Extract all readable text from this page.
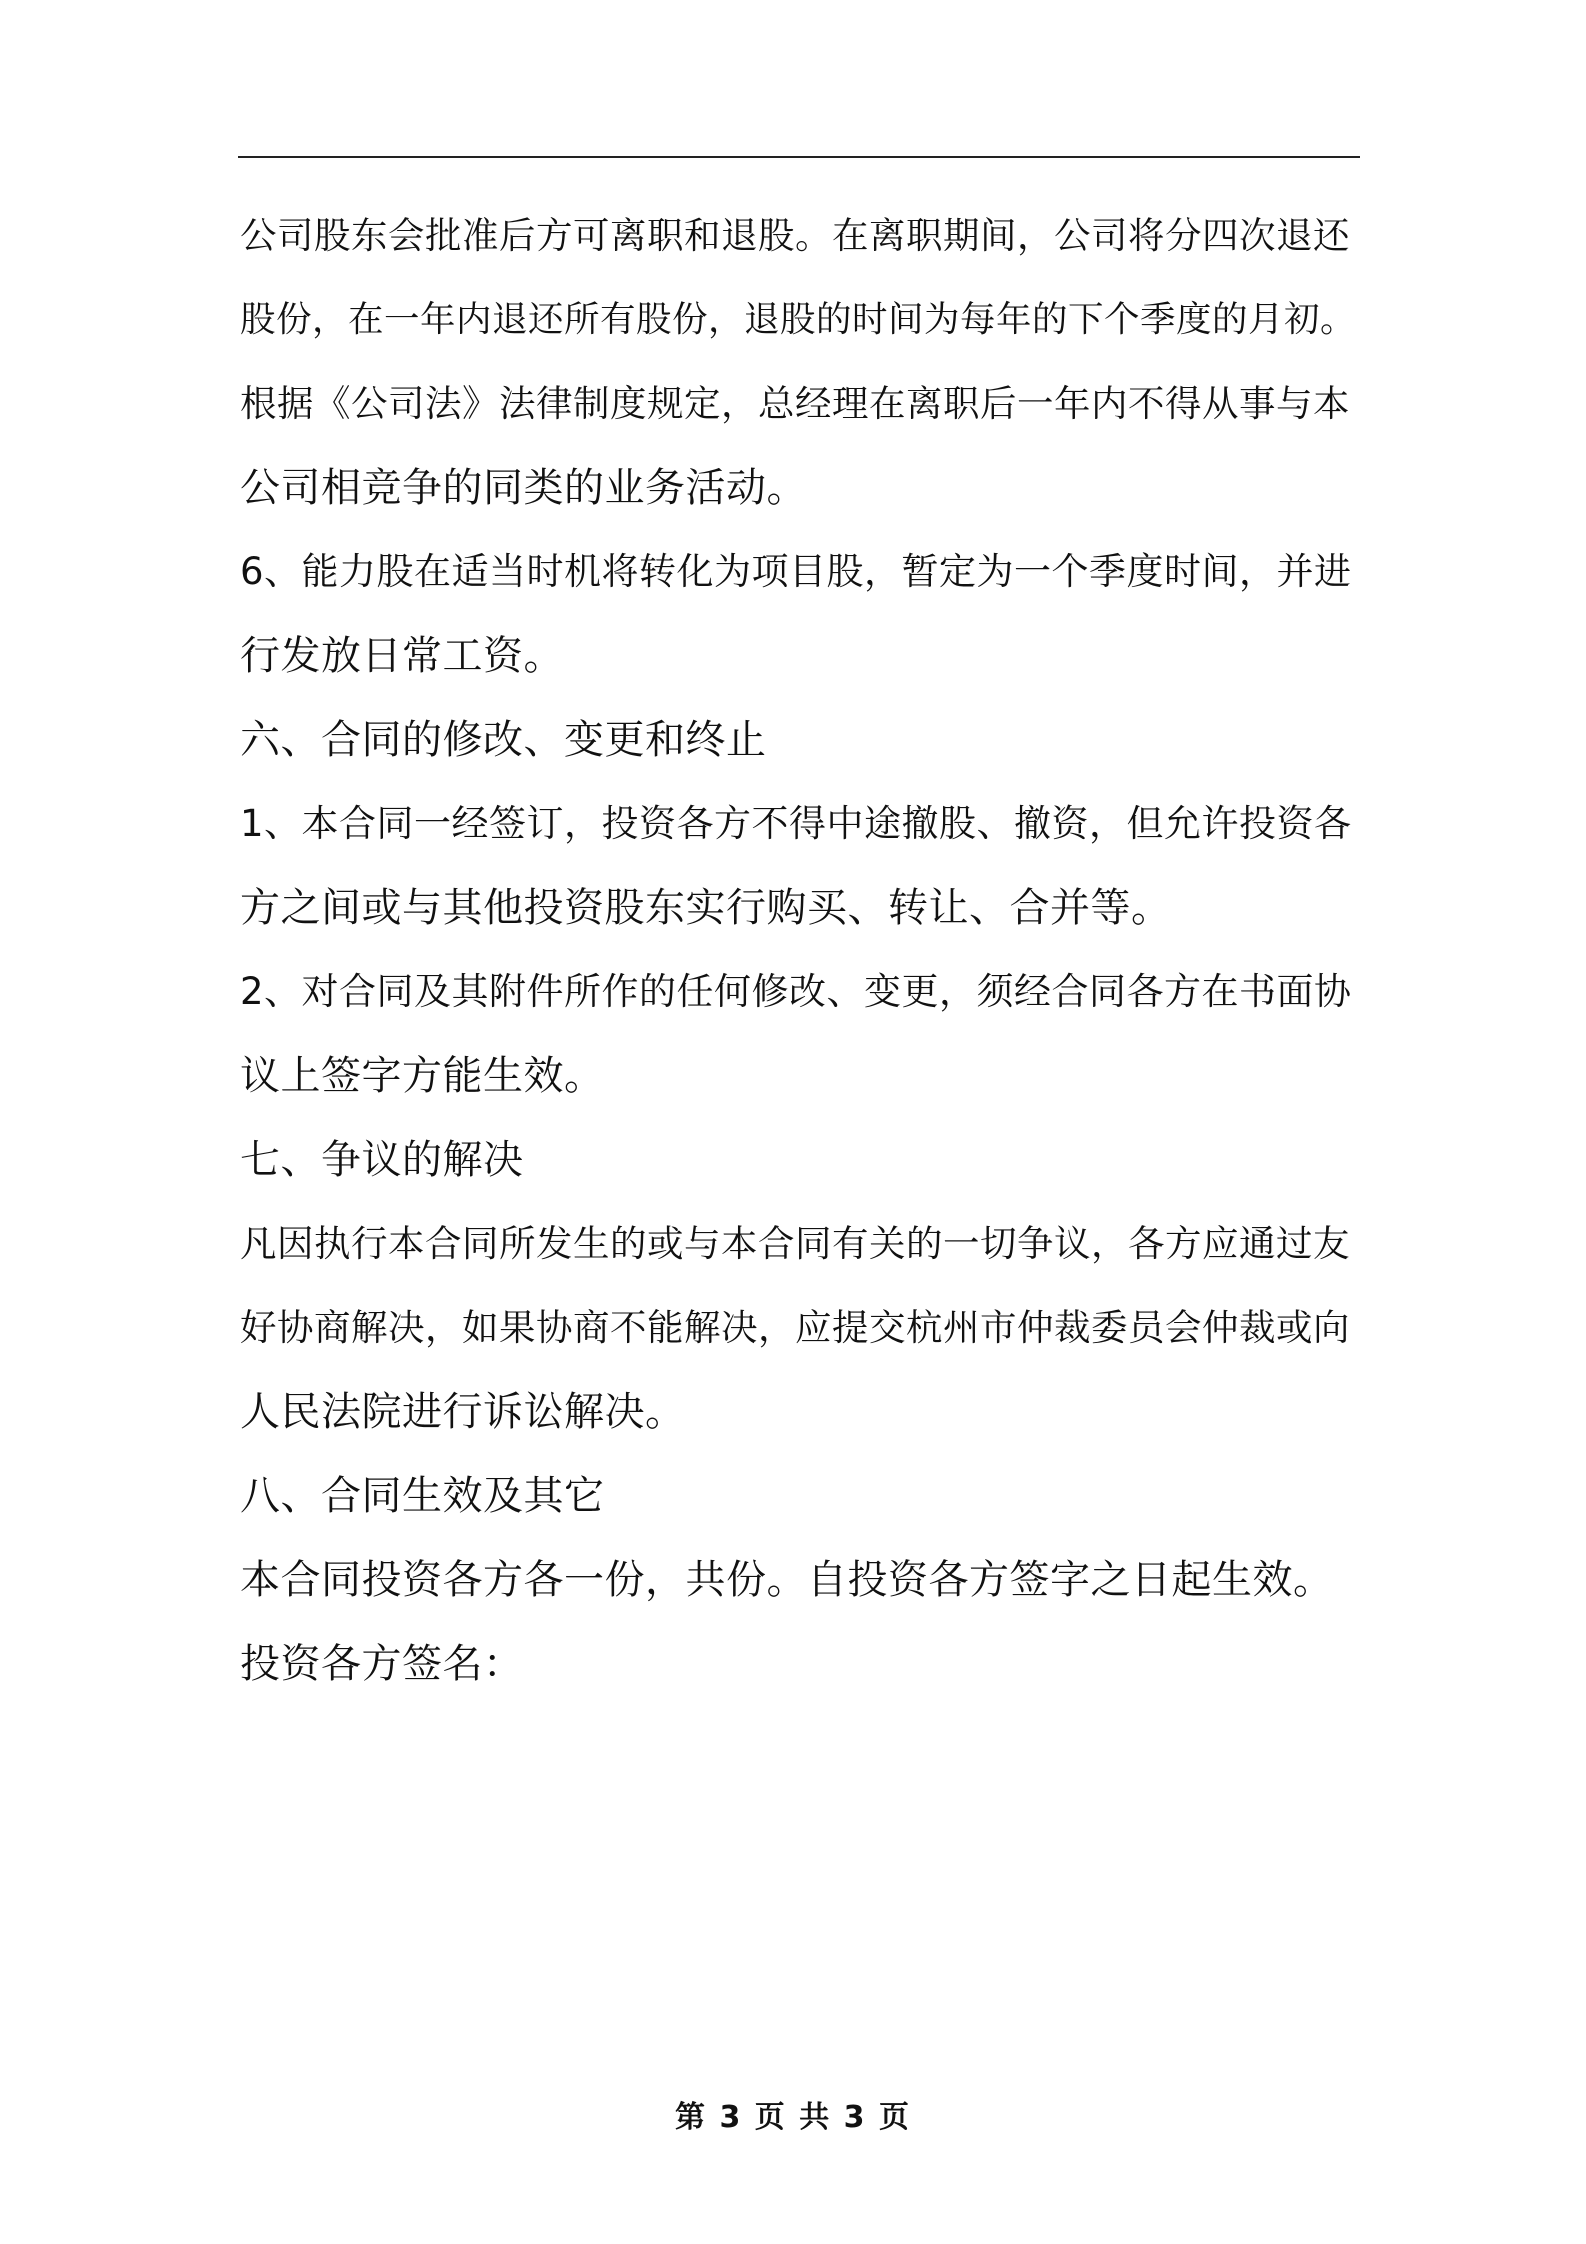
公司股东会批准后方可离职和退股。在离职期间，公司将分四次退还
股份，在一年内退还所有股份，退股的时间为每年的下个季度的月初。
根据《公司法》法律制度规定，总经理在离职后一年内不得从事与本
公司相竞争的同类的业务活动。
6、能力股在适当时机将转化为项目股，暂定为一个季度时间，并进
行发放日常工资。
六、合同的修改、变更和终止
1、本合同一经签订，投资各方不得中途撤股、撤资，但允许投资各
方之间或与其他投资股东实行购买、转让、合并等。
2、对合同及其附件所作的任何修改、变更，须经合同各方在书面协
议上签字方能生效。
七、争议的解决
凡因执行本合同所发生的或与本合同有关的一切争议，各方应通过友
好协商解决，如果协商不能解决，应提交杭州市仲裁委员会仲裁或向
人民法院进行诉讼解决。
八、合同生效及其它
本合同投资各方各一份，共份。自投资各方签字之日起生效。
投资各方签名：
第 3 页 共 3 页
